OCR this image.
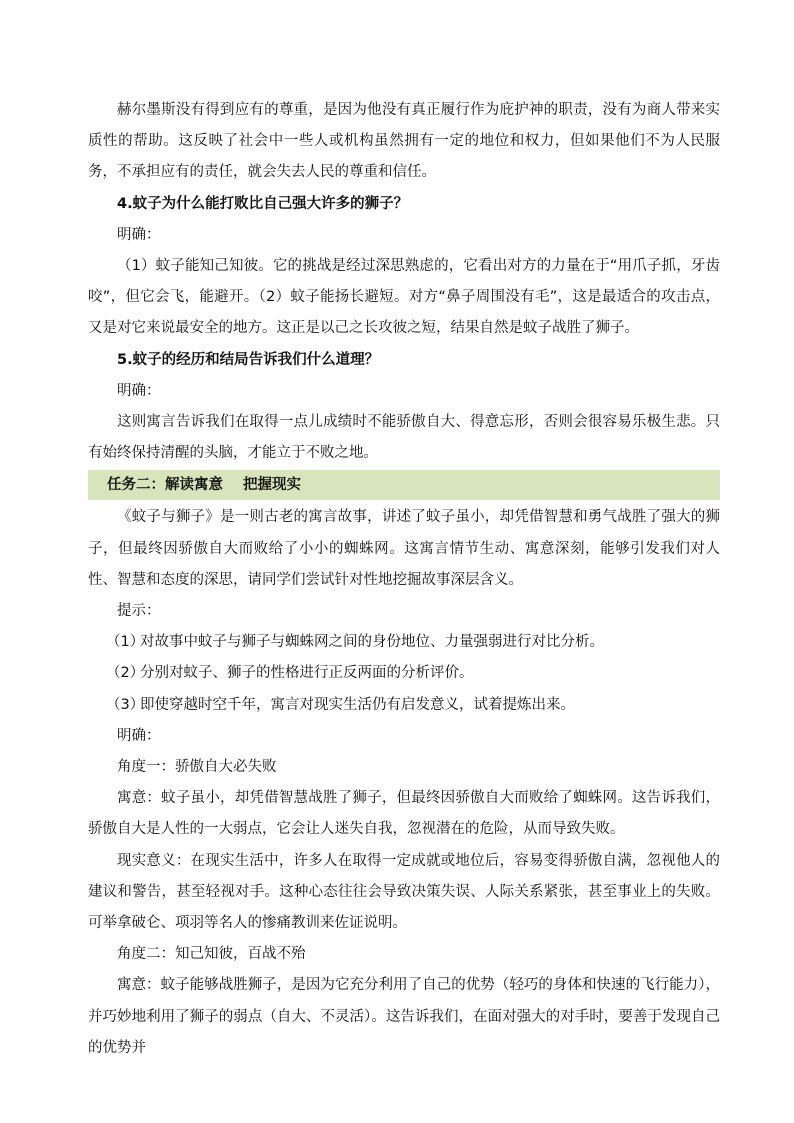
赫尔墨斯没有得到应有的尊重，是因为他没有真正履行作为庇护神的职责，没有为商人带来实质性的帮助。这反映了社会中一些人或机构虽然拥有一定的地位和权力，但如果他们不为人民服务，不承担应有的责任，就会失去人民的尊重和信任。

4.蚊子为什么能打败比自己强大许多的狮子？

明确：

（1）蚊子能知己知彼。它的挑战是经过深思熟虑的，它看出对方的力量在于“用爪子抓，牙齿咬”，但它会飞，能避开。（2）蚊子能扬长避短。对方“鼻子周围没有毛”，这是最适合的攻击点，又是对它来说最安全的地方。这正是以己之长攻彼之短，结果自然是蚊子战胜了狮子。

5.蚊子的经历和结局告诉我们什么道理？

明确：

这则寓言告诉我们在取得一点儿成绩时不能骄傲自大、得意忘形，否则会很容易乐极生悲。只有始终保持清醒的头脑，才能立于不败之地。

任务二：解读寓意 把握现实

《蚊子与狮子》是一则古老的寓言故事，讲述了蚊子虽小，却凭借智慧和勇气战胜了强大的狮子，但最终因骄傲自大而败给了小小的蜘蛛网。这寓言情节生动、寓意深刻，能够引发我们对人性、智慧和态度的深思，请同学们尝试针对性地挖掘故事深层含义。

提示：

（1）对故事中蚊子与狮子与蜘蛛网之间的身份地位、力量强弱进行对比分析。

（2）分别对蚊子、狮子的性格进行正反两面的分析评价。

（3）即使穿越时空千年，寓言对现实生活仍有启发意义，试着提炼出来。

明确：

角度一：骄傲自大必失败

寓意：蚊子虽小，却凭借智慧战胜了狮子，但最终因骄傲自大而败给了蜘蛛网。这告诉我们，骄傲自大是人性的一大弱点，它会让人迷失自我，忽视潜在的危险，从而导致失败。

现实意义：在现实生活中，许多人在取得一定成就或地位后，容易变得骄傲自满，忽视他人的建议和警告，甚至轻视对手。这种心态往往会导致决策失误、人际关系紧张，甚至事业上的失败。可举拿破仑、项羽等名人的惨痛教训来佐证说明。

角度二：知己知彼，百战不殆

寓意：蚊子能够战胜狮子，是因为它充分利用了自己的优势（轻巧的身体和快速的飞行能力），并巧妙地利用了狮子的弱点（自大、不灵活）。这告诉我们，在面对强大的对手时，要善于发现自己的优势并
